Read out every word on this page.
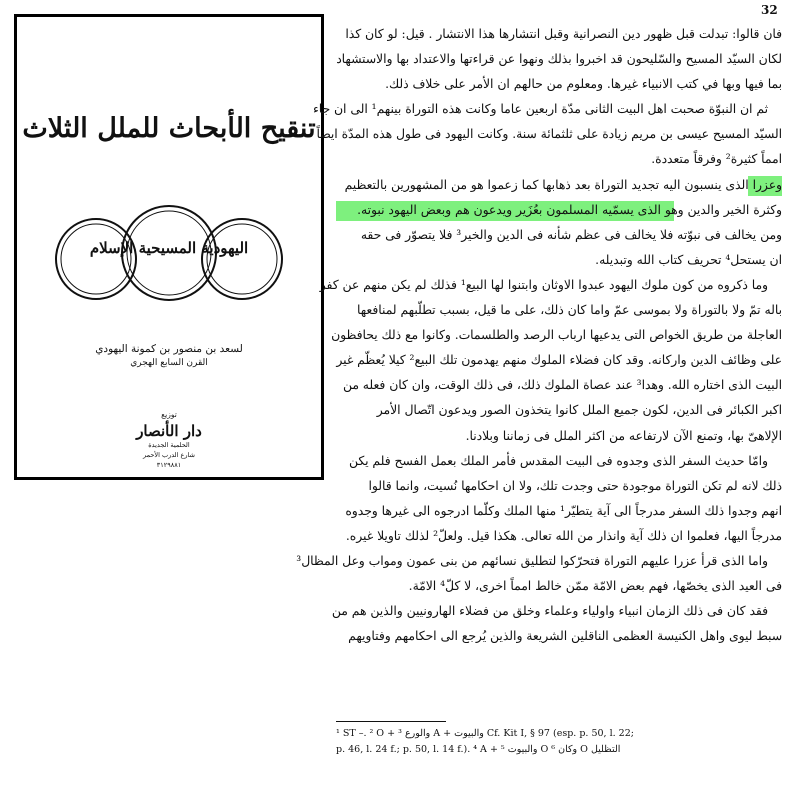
تنقيح الأبحاث للملل الثلاث
اليهودية المسيحية الإسلام
لسعد بن منصور بن كمونة اليهودي
القرن السابع الهجري
توزيع
دار الأنصار
الحلمية الجديدة
شارع الدرب الأحمر
٣١٢٩٨٨١
32
فان قالوا: تبدلت قبل ظهور دين النصرانية وقبل انتشارها هذا الانتشار . قيل: لو كان كذا
لكان السيّد المسيح والسّليحون قد اخبروا بذلك ونهوا عن قراءتها والاعتداد بها والاستشهاد
بما فيها وبها في كتب الانبياء غيرها. ومعلوم من حالهم ان الأمر على خلاف ذلك.
ثم ان النبوّة صحبت اهل البيت الثانى مدّة اربعين عاما وكانت هذه التوراة بينهم¹ الى ان جاء
السيّد المسيح عيسى بن مريم زيادة على ثلثمائة سنة. وكانت اليهود فى طول هذه المدّة ايضاً
امماً كثيرة² وفرقاً متعددة.
وعزرا الذى ينسبون اليه تجديد التوراة بعد ذهابها كما زعموا هو من المشهورين بالتعظيم
وكثرة الخير والدين وهو الذى يسمّيه المسلمون بعُزَير ويدعون هم وبعض اليهود نبوته.
ومن يخالف فى نبوّته فلا يخالف فى عظم شأنه فى الدين والخير³ فلا يتصوّر فى حقه
ان يستحل⁴ تحريف كتاب الله وتبديله.
وما ذكروه من كون ملوك اليهود عبدوا الاوثان وابتنوا لها البيع¹ فذلك لم يكن منهم عن كفر
باله تمّ ولا بالتوراة ولا بموسى عمّ واما كان ذلك، على ما قيل، بسبب تطلّبهم لمنافعها
العاجلة من طريق الخواص التى يدعيها ارباب الرصد والطلسمات. وكانوا مع ذلك يحافظون
على وظائف الدين واركانه. وقد كان فضلاء الملوك منهم يهدمون تلك البيع² كيلا يُعظّم غير
البيت الذى اختاره الله. وهدا³ عند عصاة الملوك ذلك، فى ذلك الوقت، وان كان فعله من
اكبر الكبائر فى الدين، لكون جميع الملل كانوا يتخذون الصور ويدعون اتّصال الأمر
الإلاهىّ بها، وتمنع الآن لارتفاعه من اكثر الملل فى زماننا وبلادنا.
وامّا حديث السفر الذى وجدوه فى البيت المقدس فأمر الملك بعمل الفسح فلم يكن
ذلك لانه لم تكن التوراة موجودة حتى وجدت تلك، ولا ان احكامها نُسيت، وانما قالوا
انهم وجدوا ذلك السفر مدرجاً الى آية يتطيّر¹ منها الملك وكلّما ادرجوه الى غيرها وجدوه
مدرجاً اليها، فعلموا ان ذلك آية وانذار من الله تعالى. هكذا قيل. ولعلّ² لذلك تاويلا غيره.
واما الذى قرأ عزرا عليهم التوراة فتحرّكوا لتطليق نسائهم من بنى عمون ومواب وعل المظال³
فى العيد الذى يخصّها، فهم بعض الامّة ممّن خالط امماً اخرى، لا كلّ⁴ الامّة.
فقد كان فى ذلك الزمان انبياء واولياء وعلماء وخلق من فضلاء الهارونيين والذين هم من
سبط ليوى واهل الكنيسة العظمى الناقلين الشريعة والذين يُرجع الى احكامهم وفتاويهم
¹ ST –. ² O + والورع ³ A + والبيوت Cf. Kit I, § 97 (esp. p. 50, l. 22;
p. 46, l. 24 f.; p. 50, l. 14 f.). ⁴ A + والبيوت ⁵ O وكان ⁶ O التظليل
